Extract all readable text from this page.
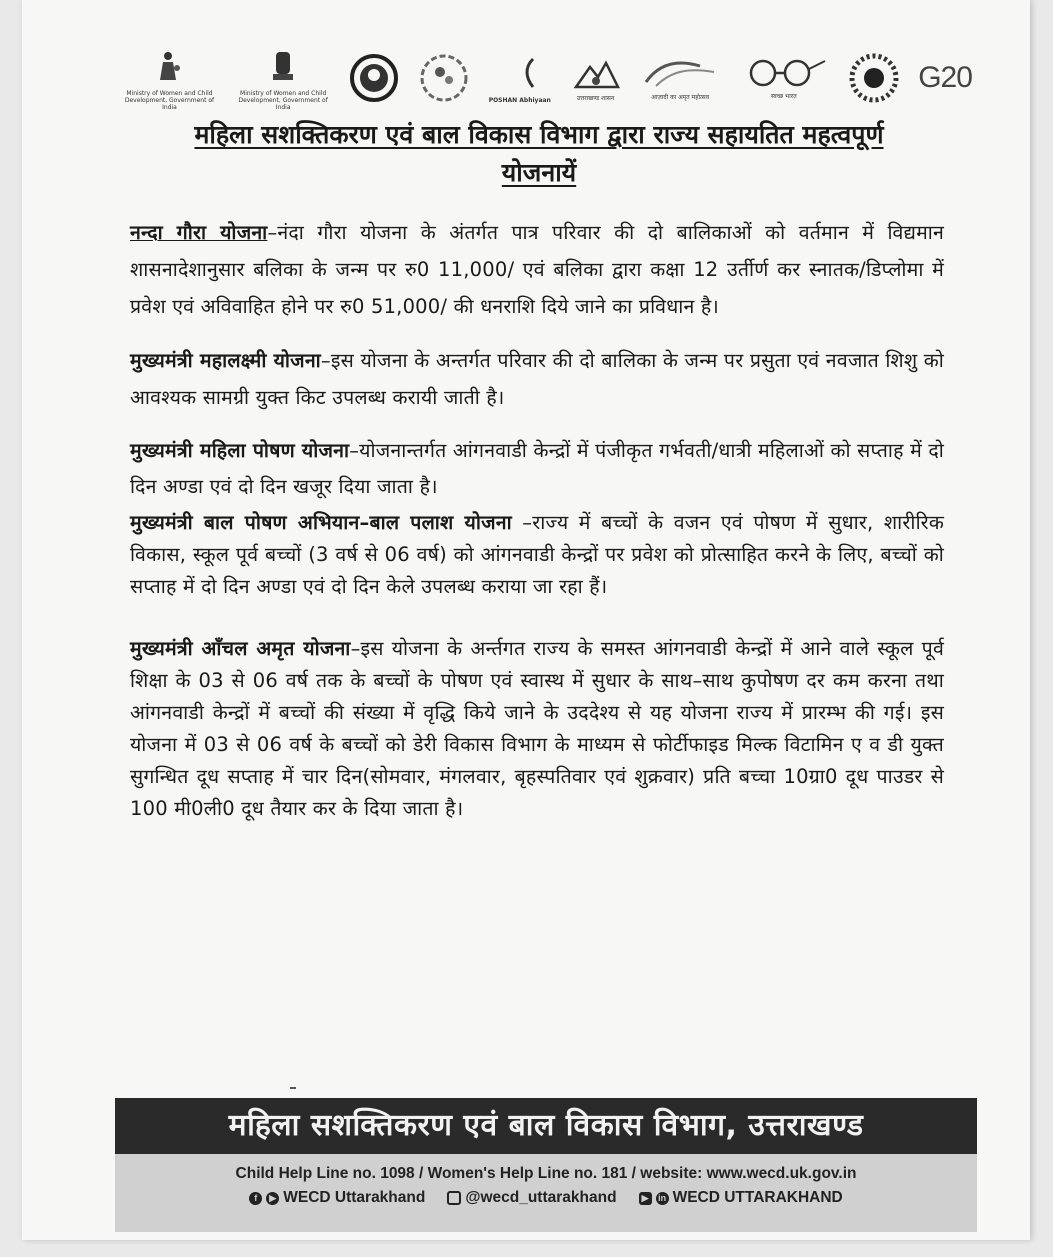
Ministry of Women and Child Development, Government of India
Ministry of Women and Child Development, Government of India
POSHAN Abhiyaan	उत्तराखण्ड शासन	आज़ादी का अमृत महोत्सव	स्वच्छ भारत
G20
महिला सशक्तिकरण एवं बाल विकास विभाग द्वारा राज्य सहायतित महत्वपूर्ण
योजनायें

नन्दा गौरा योजना–नंदा गौरा योजना के अंतर्गत पात्र परिवार की दो बालिकाओं को वर्तमान में विद्यमान शासनादेशानुसार बलिका के जन्म पर रु0 11,000/ एवं बलिका द्वारा कक्षा 12 उर्तीर्ण कर स्नातक/डिप्लोमा में प्रवेश एवं अविवाहित होने पर रु0 51,000/ की धनराशि दिये जाने का प्रविधान है।

मुख्यमंत्री महालक्ष्मी योजना–इस योजना के अन्तर्गत परिवार की दो बालिका के जन्म पर प्रसुता एवं नवजात शिशु को आवश्यक सामग्री युक्त किट उपलब्ध करायी जाती है।

मुख्यमंत्री महिला पोषण योजना–योजनान्तर्गत आंगनवाडी केन्द्रों में पंजीकृत गर्भवती/धात्री महिलाओं को सप्ताह में दो दिन अण्डा एवं दो दिन खजूर दिया जाता है।

मुख्यमंत्री बाल पोषण अभियान–बाल पलाश योजना –राज्य में बच्चों के वजन एवं पोषण में सुधार, शारीरिक विकास, स्कूल पूर्व बच्चों (3 वर्ष से 06 वर्ष) को आंगनवाडी केन्द्रों पर प्रवेश को प्रोत्साहित करने के लिए, बच्चों को सप्ताह में दो दिन अण्डा एवं दो दिन केले उपलब्ध कराया जा रहा हैं।

मुख्यमंत्री आँचल अमृत योजना–इस योजना के अर्न्तगत राज्य के समस्त आंगनवाडी केन्द्रों में आने वाले स्कूल पूर्व शिक्षा के 03 से 06 वर्ष तक के बच्चों के पोषण एवं स्वास्थ में सुधार के साथ–साथ कुपोषण दर कम करना तथा आंगनवाडी केन्द्रों में बच्चों की संख्या में वृद्धि किये जाने के उददेश्य से यह योजना राज्य में प्रारम्भ की गई। इस योजना में 03 से 06 वर्ष के बच्चों को डेरी विकास विभाग के माध्यम से फोर्टीफाइड मिल्क विटामिन ए व डी युक्त सुगन्धित दूध सप्ताह में चार दिन(सोमवार, मंगलवार, बृहस्पतिवार एवं शुक्रवार) प्रति बच्चा 10ग्रा0 दूध पाउडर से 100 मी0ली0 दूध तैयार कर के दिया जाता है।

महिला सशक्तिकरण एवं बाल विकास विभाग, उत्तराखण्ड
Child Help Line no. 1098 / Women's Help Line no. 181 / website: www.wecd.uk.gov.in
f	▶ WECD Uttarakhand	@wecd_uttarakhand	▶	in WECD UTTARAKHAND
